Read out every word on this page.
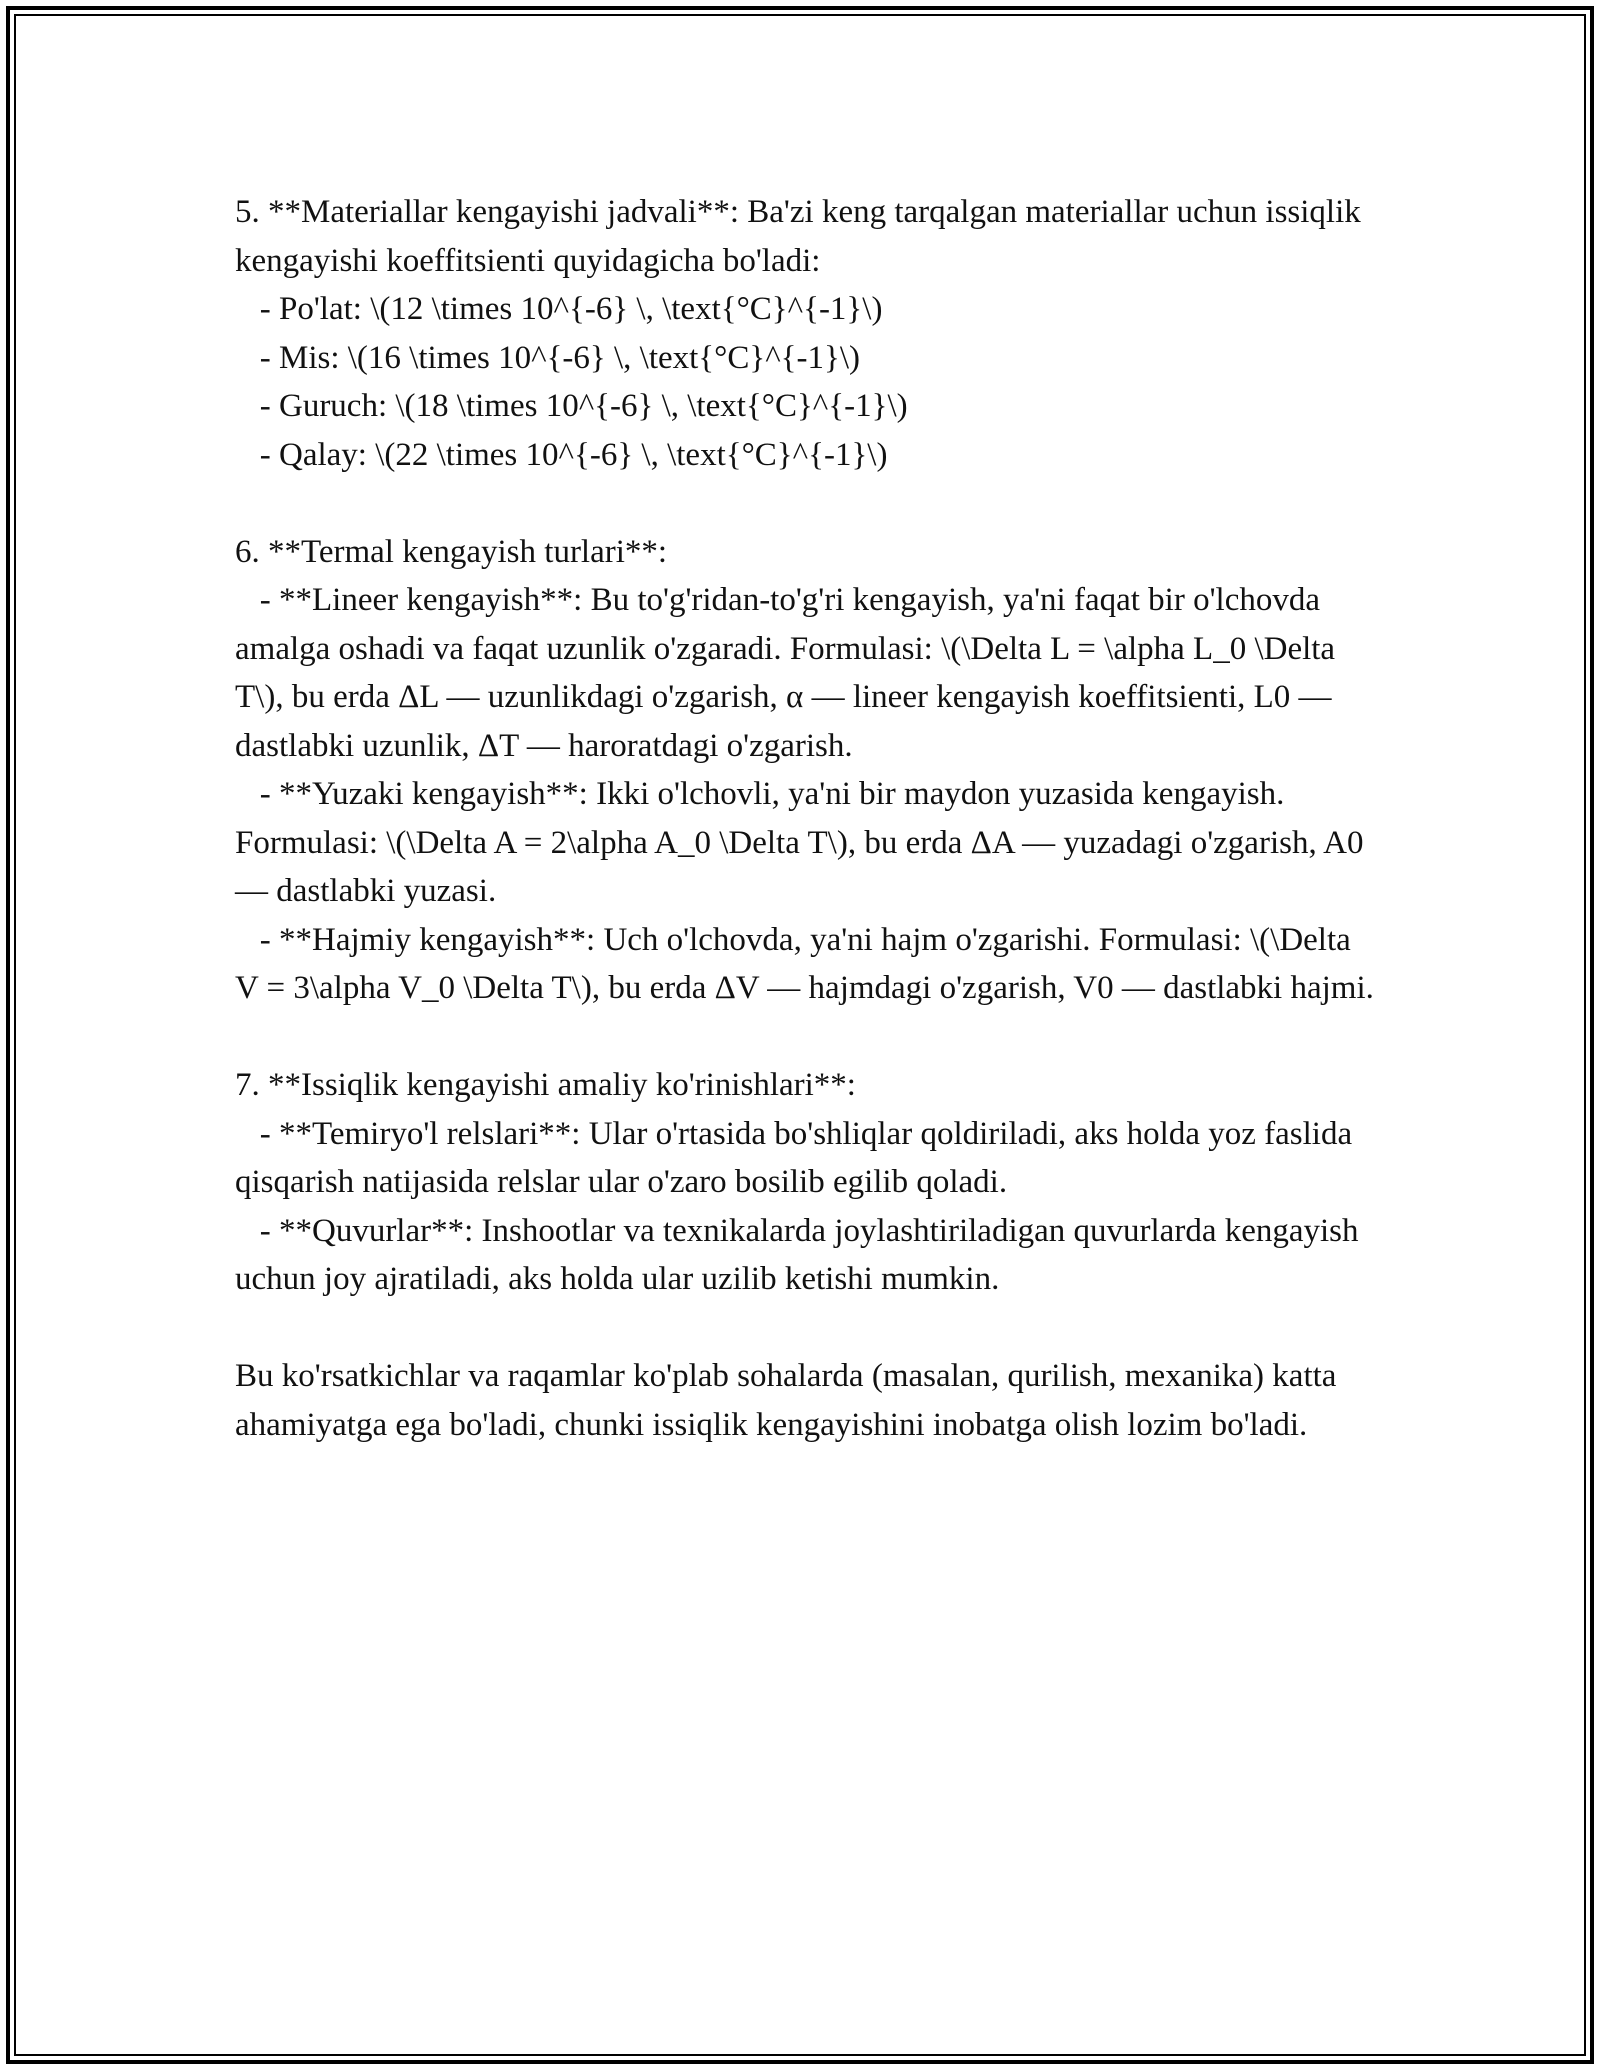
5. **Materiallar kengayishi jadvali**: Ba'zi keng tarqalgan materiallar uchun issiqlik kengayishi koeffitsienti quyidagicha bo'ladi:
- Po'lat: \(12 \times 10^{-6} \, \text{°C}^{-1}\)
- Mis: \(16 \times 10^{-6} \, \text{°C}^{-1}\)
- Guruch: \(18 \times 10^{-6} \, \text{°C}^{-1}\)
- Qalay: \(22 \times 10^{-6} \, \text{°C}^{-1}\)
6. **Termal kengayish turlari**:
- **Lineer kengayish**: Bu to'g'ridan-to'g'ri kengayish, ya'ni faqat bir o'lchovda amalga oshadi va faqat uzunlik o'zgaradi. Formulasi: \(\Delta L = \alpha L_0 \Delta T\), bu erda ΔL — uzunlikdagi o'zgarish, α — lineer kengayish koeffitsienti, L0 — dastlabki uzunlik, ΔT — haroratdagi o'zgarish.
- **Yuzaki kengayish**: Ikki o'lchovli, ya'ni bir maydon yuzasida kengayish. Formulasi: \(\Delta A = 2\alpha A_0 \Delta T\), bu erda ΔA — yuzadagi o'zgarish, A0 — dastlabki yuzasi.
- **Hajmiy kengayish**: Uch o'lchovda, ya'ni hajm o'zgarishi. Formulasi: \(\Delta V = 3\alpha V_0 \Delta T\), bu erda ΔV — hajmdagi o'zgarish, V0 — dastlabki hajmi.
7. **Issiqlik kengayishi amaliy ko'rinishlari**:
- **Temiryo'l relslari**: Ular o'rtasida bo'shliqlar qoldiriladi, aks holda yoz faslida qisqarish natijasida relslar ular o'zaro bosilib egilib qoladi.
- **Quvurlar**: Inshootlar va texnikalarda joylashtiriladigan quvurlarda kengayish uchun joy ajratiladi, aks holda ular uzilib ketishi mumkin.
Bu ko'rsatkichlar va raqamlar ko'plab sohalarda (masalan, qurilish, mexanika) katta ahamiyatga ega bo'ladi, chunki issiqlik kengayishini inobatga olish lozim bo'ladi.
